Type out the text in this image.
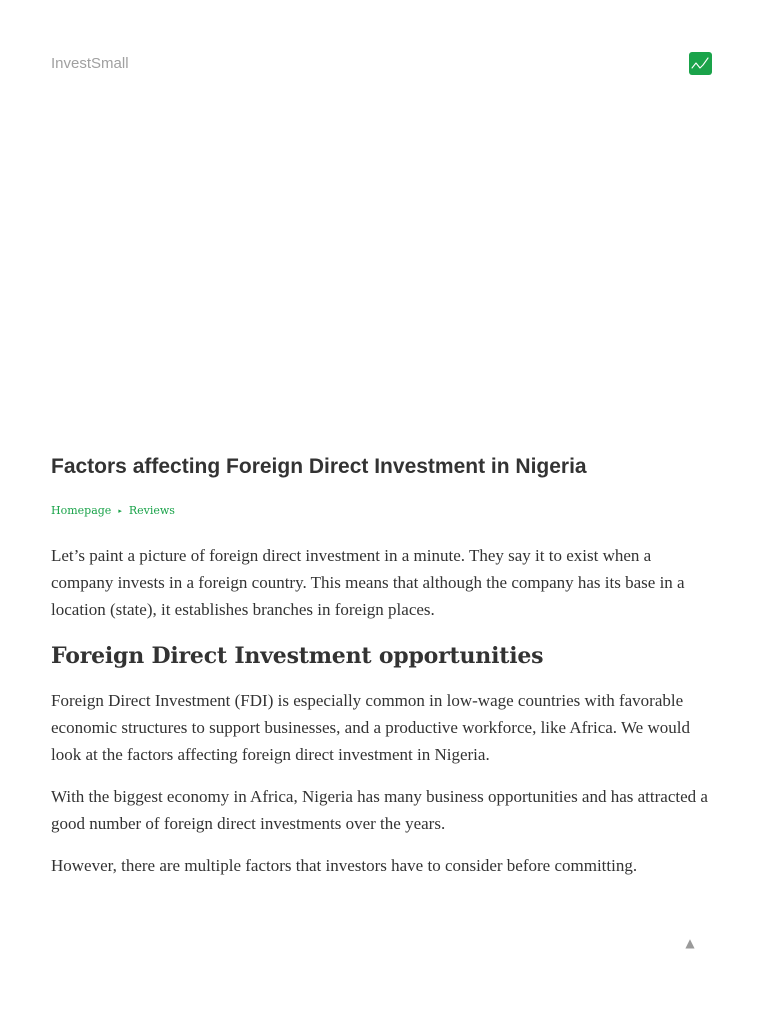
InvestSmall
Factors affecting Foreign Direct Investment in Nigeria
Homepage ▸ Reviews

Let’s paint a picture of foreign direct investment in a minute. They say it to exist when a company invests in a foreign country. This means that although the company has its base in a location (state), it establishes branches in foreign places.

Foreign Direct Investment opportunities

Foreign Direct Investment (FDI) is especially common in low-wage countries with favorable economic structures to support businesses, and a productive workforce, like Africa. We would look at the factors affecting foreign direct investment in Nigeria.

With the biggest economy in Africa, Nigeria has many business opportunities and has attracted a good number of foreign direct investments over the years.

However, there are multiple factors that investors have to consider before committing.

▲
